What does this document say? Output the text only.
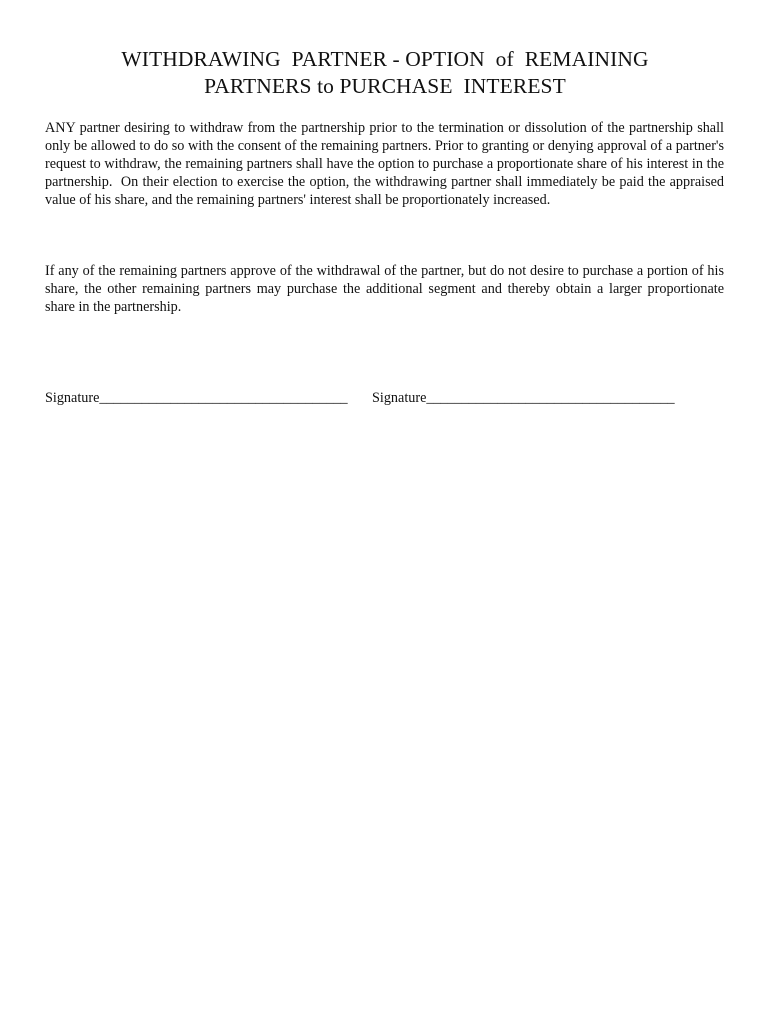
WITHDRAWING  PARTNER - OPTION  of  REMAINING
PARTNERS to PURCHASE  INTEREST

ANY partner desiring to withdraw from the partnership prior to the termination or dissolution of the partnership shall only be allowed to do so with the consent of the remaining partners. Prior to granting or denying approval of a partner's request to withdraw, the remaining partners shall have the option to purchase a proportionate share of his interest in the partnership.  On their election to exercise the option, the withdrawing partner shall immediately be paid the appraised value of his share, and the remaining partners' interest shall be proportionately increased.

If any of the remaining partners approve of the withdrawal of the partner, but do not desire to purchase a portion of his share, the other remaining partners may purchase the additional segment and thereby obtain a larger proportionate share in the partnership.

Signature___________________________________ Signature___________________________________
